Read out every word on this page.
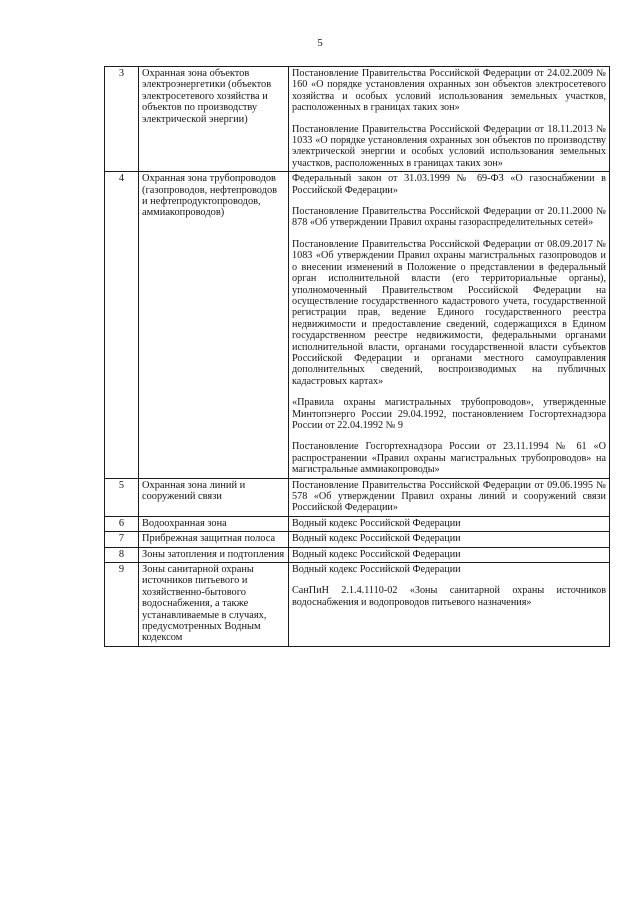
5
3	Охранная зона объектов электроэнергетики (объектов электросетевого хозяйства и объектов по производству электрической энергии)	Постановление Правительства Российской Федерации от 24.02.2009 № 160 «О порядке установления охранных зон объектов электросетевого хозяйства и особых условий использования земельных участков, расположенных в границах таких зон»

Постановление Правительства Российской Федерации от 18.11.2013 № 1033 «О порядке установления охранных зон объектов по производству электрической энергии и особых условий использования земельных участков, расположенных в границах таких зон»

4	Охранная зона трубопроводов (газопроводов, нефтепроводов и нефтепродуктопроводов, аммиакопроводов)	Федеральный закон от 31.03.1999 № 69-ФЗ «О газоснабжении в Российской Федерации»

Постановление Правительства Российской Федерации от 20.11.2000 № 878 «Об утверждении Правил охраны газораспределительных сетей»

Постановление Правительства Российской Федерации от 08.09.2017 № 1083 «Об утверждении Правил охраны магистральных газопроводов и о внесении изменений в Положение о представлении в федеральный орган исполнительной власти (его территориальные органы), уполномоченный Правительством Российской Федерации на осуществление государственного кадастрового учета, государственной регистрации прав, ведение Единого государственного реестра недвижимости и предоставление сведений, содержащихся в Едином государственном реестре недвижимости, федеральными органами исполнительной власти, органами государственной власти субъектов Российской Федерации и органами местного самоуправления дополнительных сведений, воспроизводимых на публичных кадастровых картах»

«Правила охраны магистральных трубопроводов», утвержденные Минтопэнерго России 29.04.1992, постановлением Госгортехнадзора России от 22.04.1992 № 9

Постановление Госгортехнадзора России от 23.11.1994 № 61 «О распространении «Правил охраны магистральных трубопроводов» на магистральные аммиакопроводы»

5	Охранная зона линий и сооружений связи	Постановление Правительства Российской Федерации от 09.06.1995 № 578 «Об утверждении Правил охраны линий и сооружений связи Российской Федерации»

6	Водоохранная зона	Водный кодекс Российской Федерации

7	Прибрежная защитная полоса	Водный кодекс Российской Федерации

8	Зоны затопления и подтопления	Водный кодекс Российской Федерации

9	Зоны санитарной охраны источников питьевого и хозяйственно-бытового водоснабжения, а также устанавливаемые в случаях, предусмотренных Водным кодексом	Водный кодекс Российской Федерации

СанПиН 2.1.4.1110-02 «Зоны санитарной охраны источников водоснабжения и водопроводов питьевого назначения»
